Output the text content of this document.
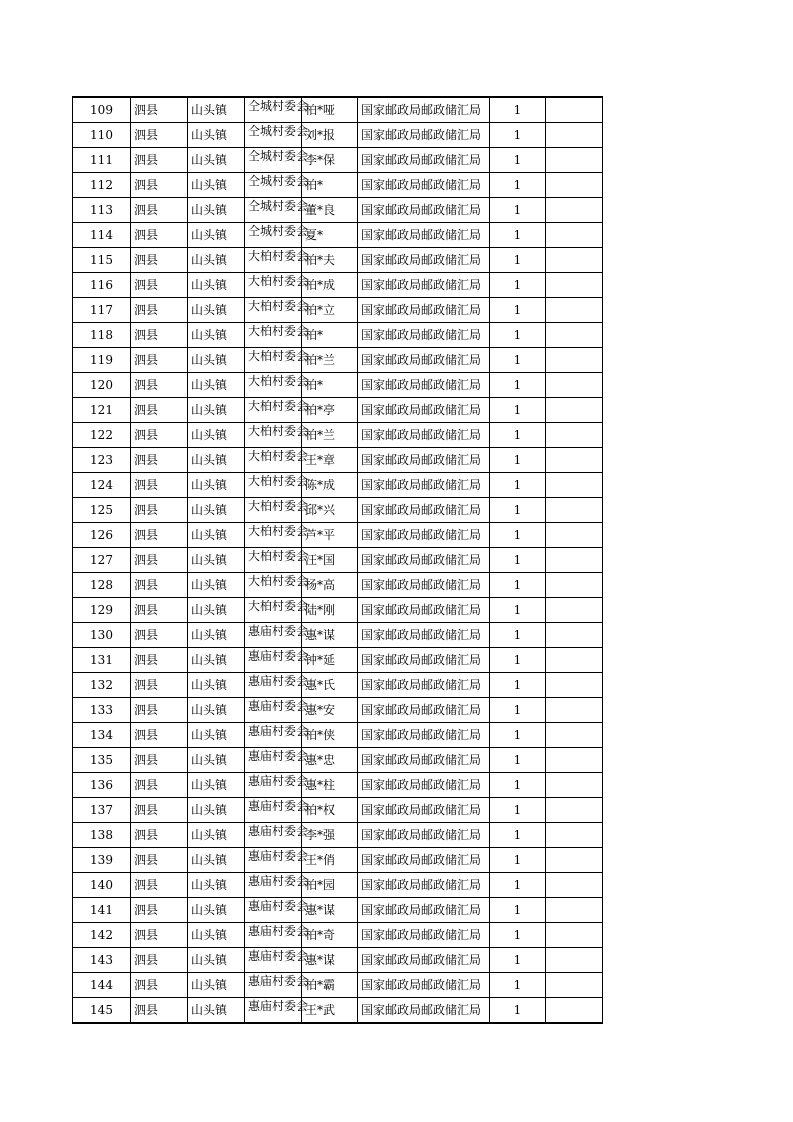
109	泗县	山头镇	仝城村委会	柏*哑	国家邮政局邮政储汇局	1	
110	泗县	山头镇	仝城村委会	刘*报	国家邮政局邮政储汇局	1	
111	泗县	山头镇	仝城村委会	李*保	国家邮政局邮政储汇局	1	
112	泗县	山头镇	仝城村委会	柏*	国家邮政局邮政储汇局	1	
113	泗县	山头镇	仝城村委会	董*良	国家邮政局邮政储汇局	1	
114	泗县	山头镇	仝城村委会	夏*	国家邮政局邮政储汇局	1	
115	泗县	山头镇	大柏村委会	柏*夫	国家邮政局邮政储汇局	1	
116	泗县	山头镇	大柏村委会	柏*成	国家邮政局邮政储汇局	1	
117	泗县	山头镇	大柏村委会	柏*立	国家邮政局邮政储汇局	1	
118	泗县	山头镇	大柏村委会	柏*	国家邮政局邮政储汇局	1	
119	泗县	山头镇	大柏村委会	柏*兰	国家邮政局邮政储汇局	1	
120	泗县	山头镇	大柏村委会	柏*	国家邮政局邮政储汇局	1	
121	泗县	山头镇	大柏村委会	柏*亭	国家邮政局邮政储汇局	1	
122	泗县	山头镇	大柏村委会	柏*兰	国家邮政局邮政储汇局	1	
123	泗县	山头镇	大柏村委会	王*章	国家邮政局邮政储汇局	1	
124	泗县	山头镇	大柏村委会	陈*成	国家邮政局邮政储汇局	1	
125	泗县	山头镇	大柏村委会	邱*兴	国家邮政局邮政储汇局	1	
126	泗县	山头镇	大柏村委会	芦*平	国家邮政局邮政储汇局	1	
127	泗县	山头镇	大柏村委会	汪*国	国家邮政局邮政储汇局	1	
128	泗县	山头镇	大柏村委会	杨*高	国家邮政局邮政储汇局	1	
129	泗县	山头镇	大柏村委会	陆*刚	国家邮政局邮政储汇局	1	
130	泗县	山头镇	惠庙村委会	惠*谋	国家邮政局邮政储汇局	1	
131	泗县	山头镇	惠庙村委会	钟*延	国家邮政局邮政储汇局	1	
132	泗县	山头镇	惠庙村委会	惠*氏	国家邮政局邮政储汇局	1	
133	泗县	山头镇	惠庙村委会	惠*安	国家邮政局邮政储汇局	1	
134	泗县	山头镇	惠庙村委会	柏*侠	国家邮政局邮政储汇局	1	
135	泗县	山头镇	惠庙村委会	惠*忠	国家邮政局邮政储汇局	1	
136	泗县	山头镇	惠庙村委会	惠*柱	国家邮政局邮政储汇局	1	
137	泗县	山头镇	惠庙村委会	柏*权	国家邮政局邮政储汇局	1	
138	泗县	山头镇	惠庙村委会	李*强	国家邮政局邮政储汇局	1	
139	泗县	山头镇	惠庙村委会	王*俏	国家邮政局邮政储汇局	1	
140	泗县	山头镇	惠庙村委会	柏*园	国家邮政局邮政储汇局	1	
141	泗县	山头镇	惠庙村委会	惠*谋	国家邮政局邮政储汇局	1	
142	泗县	山头镇	惠庙村委会	柏*奇	国家邮政局邮政储汇局	1	
143	泗县	山头镇	惠庙村委会	惠*谋	国家邮政局邮政储汇局	1	
144	泗县	山头镇	惠庙村委会	柏*霸	国家邮政局邮政储汇局	1	
145	泗县	山头镇	惠庙村委会	王*武	国家邮政局邮政储汇局	1	
